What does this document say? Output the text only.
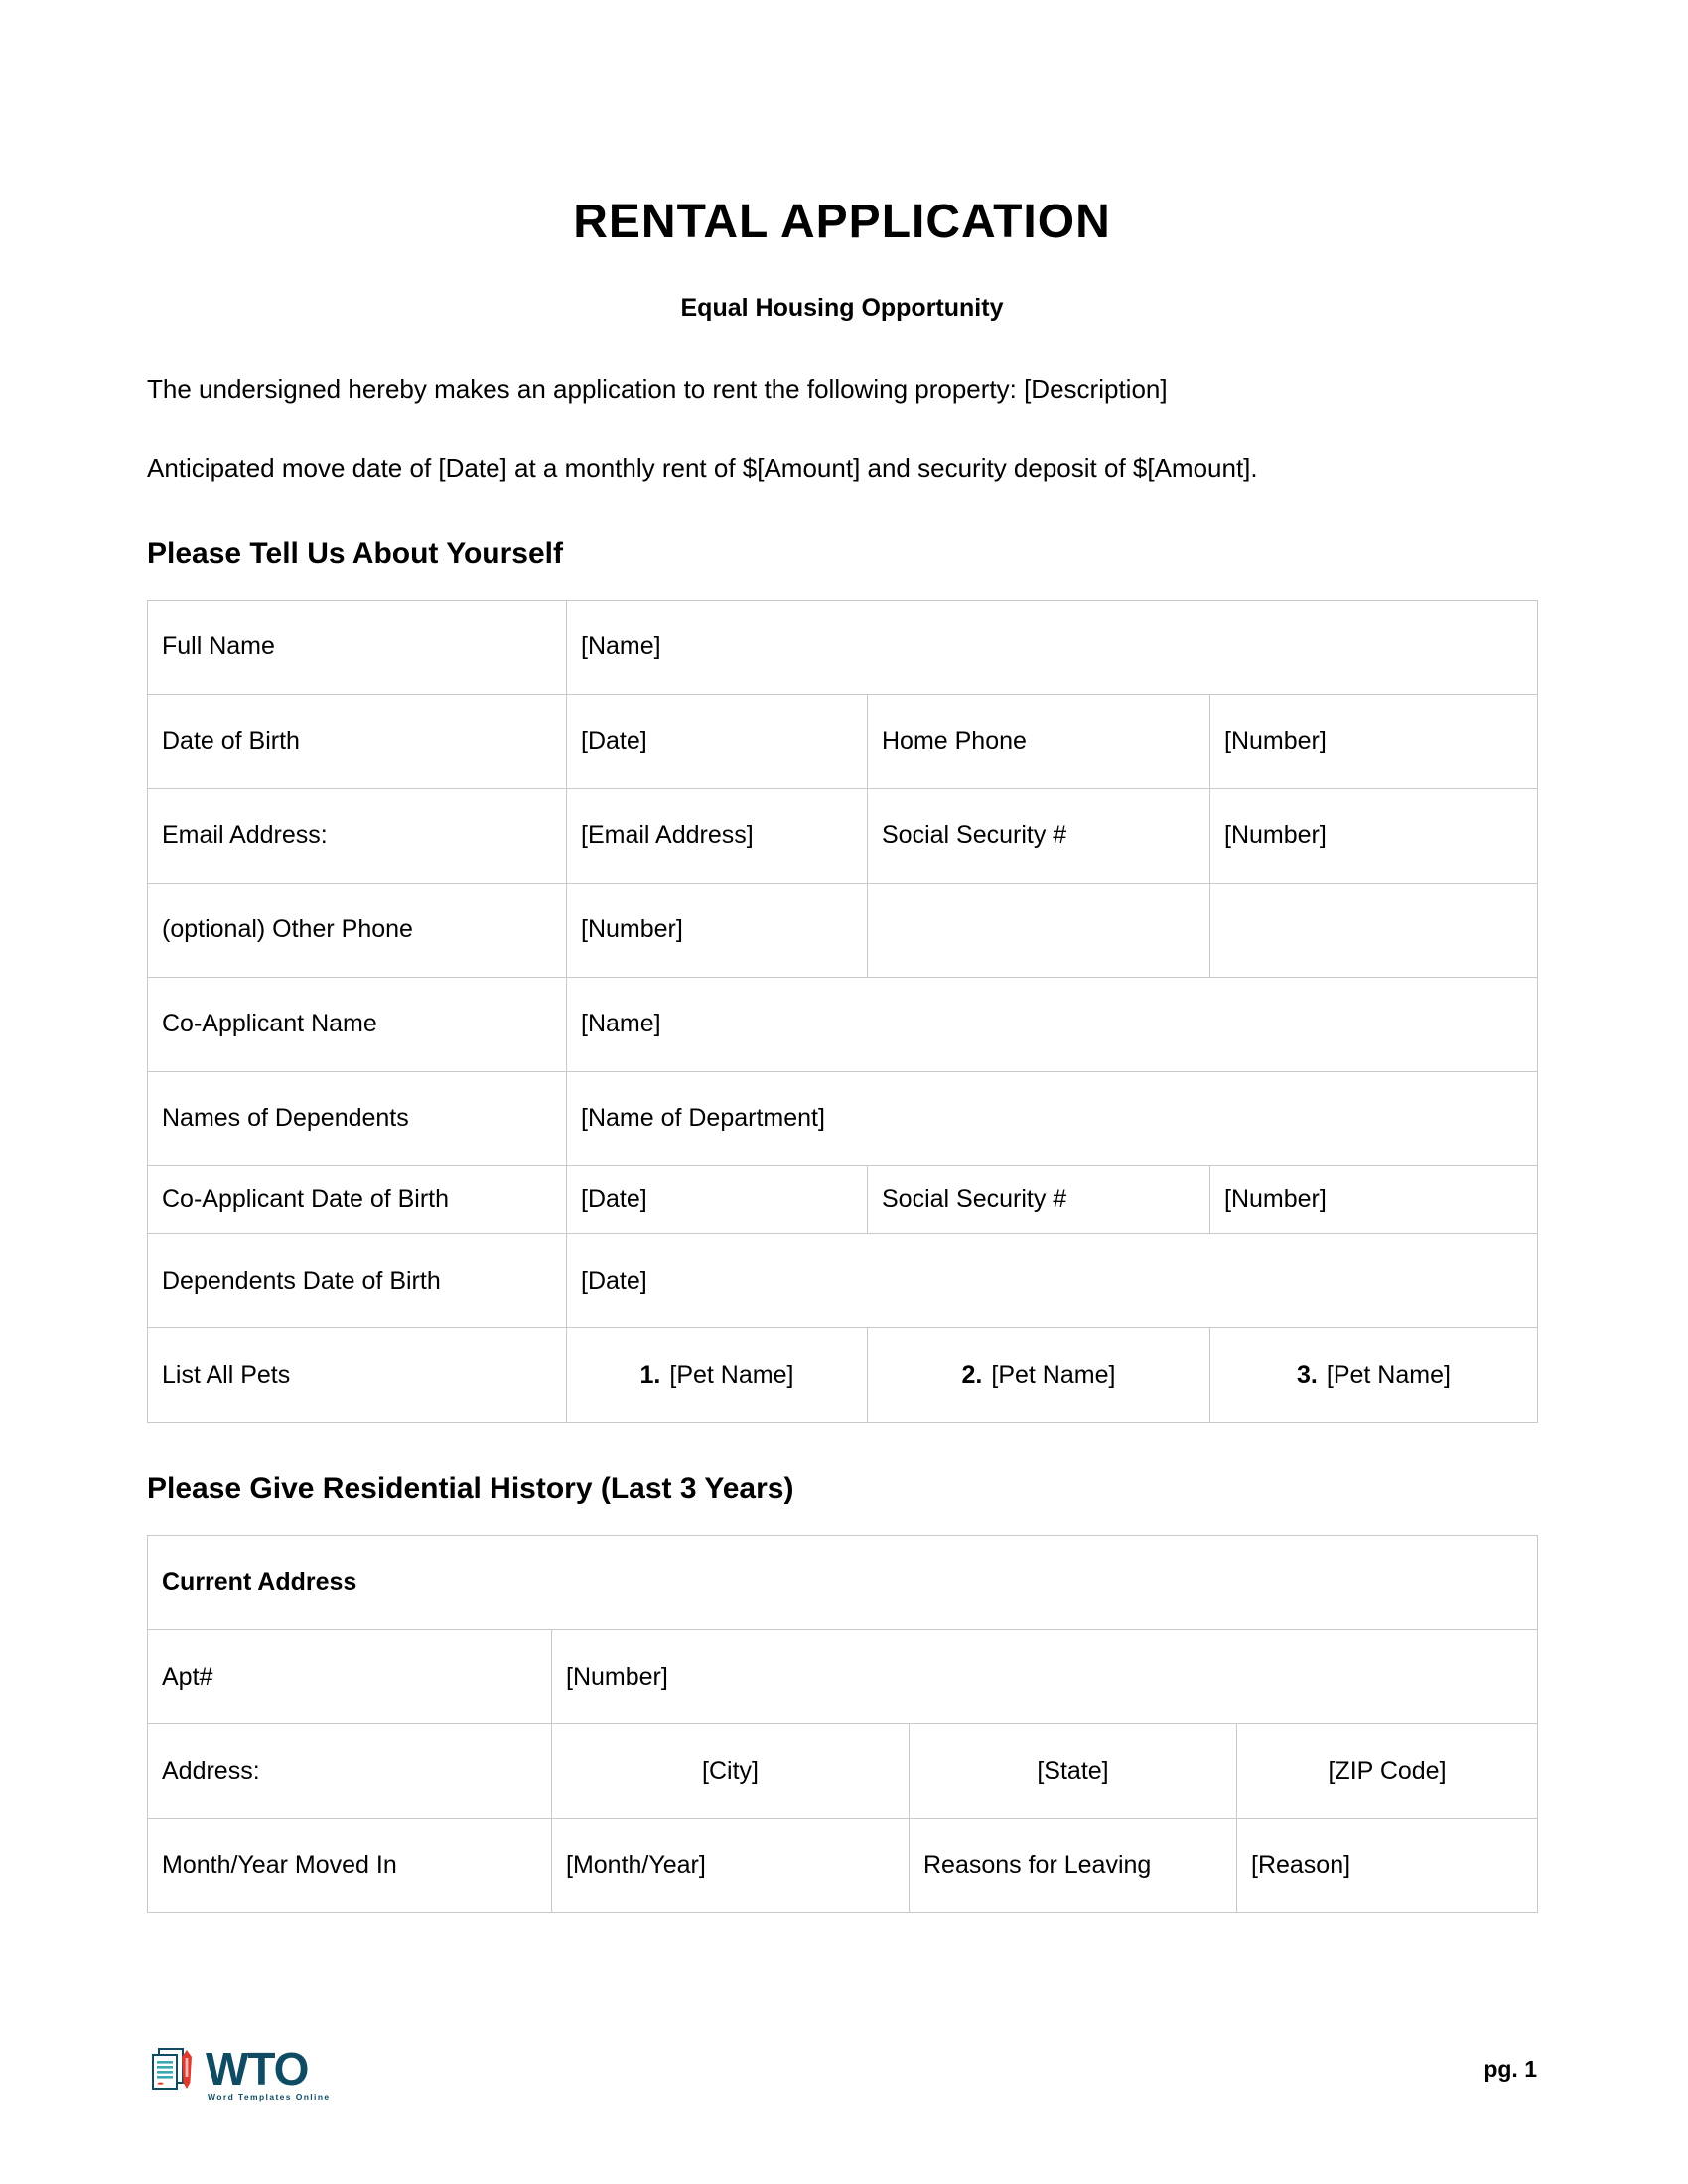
RENTAL APPLICATION
Equal Housing Opportunity

The undersigned hereby makes an application to rent the following property: [Description]

Anticipated move date of [Date] at a monthly rent of $[Amount] and security deposit of $[Amount].

Please Tell Us About Yourself
Full Name	[Name]		
Date of Birth	[Date]	Home Phone	[Number]
Email Address:	[Email Address]	Social Security #	[Number]
(optional) Other Phone	[Number]		
Co-Applicant Name	[Name]		
Names of Dependents	[Name of Department]		
Co-Applicant Date of Birth	[Date]	Social Security #	[Number]
Dependents Date of Birth	[Date]		
List All Pets	1. [Pet Name]	2. [Pet Name]	3. [Pet Name]
Please Give Residential History (Last 3 Years)
Current Address			
Apt#	[Number]		
Address:	[City]	[State]	[ZIP Code]
Month/Year Moved In	[Month/Year]	Reasons for Leaving	[Reason]
WTO
Word Templates Online
pg. 1
